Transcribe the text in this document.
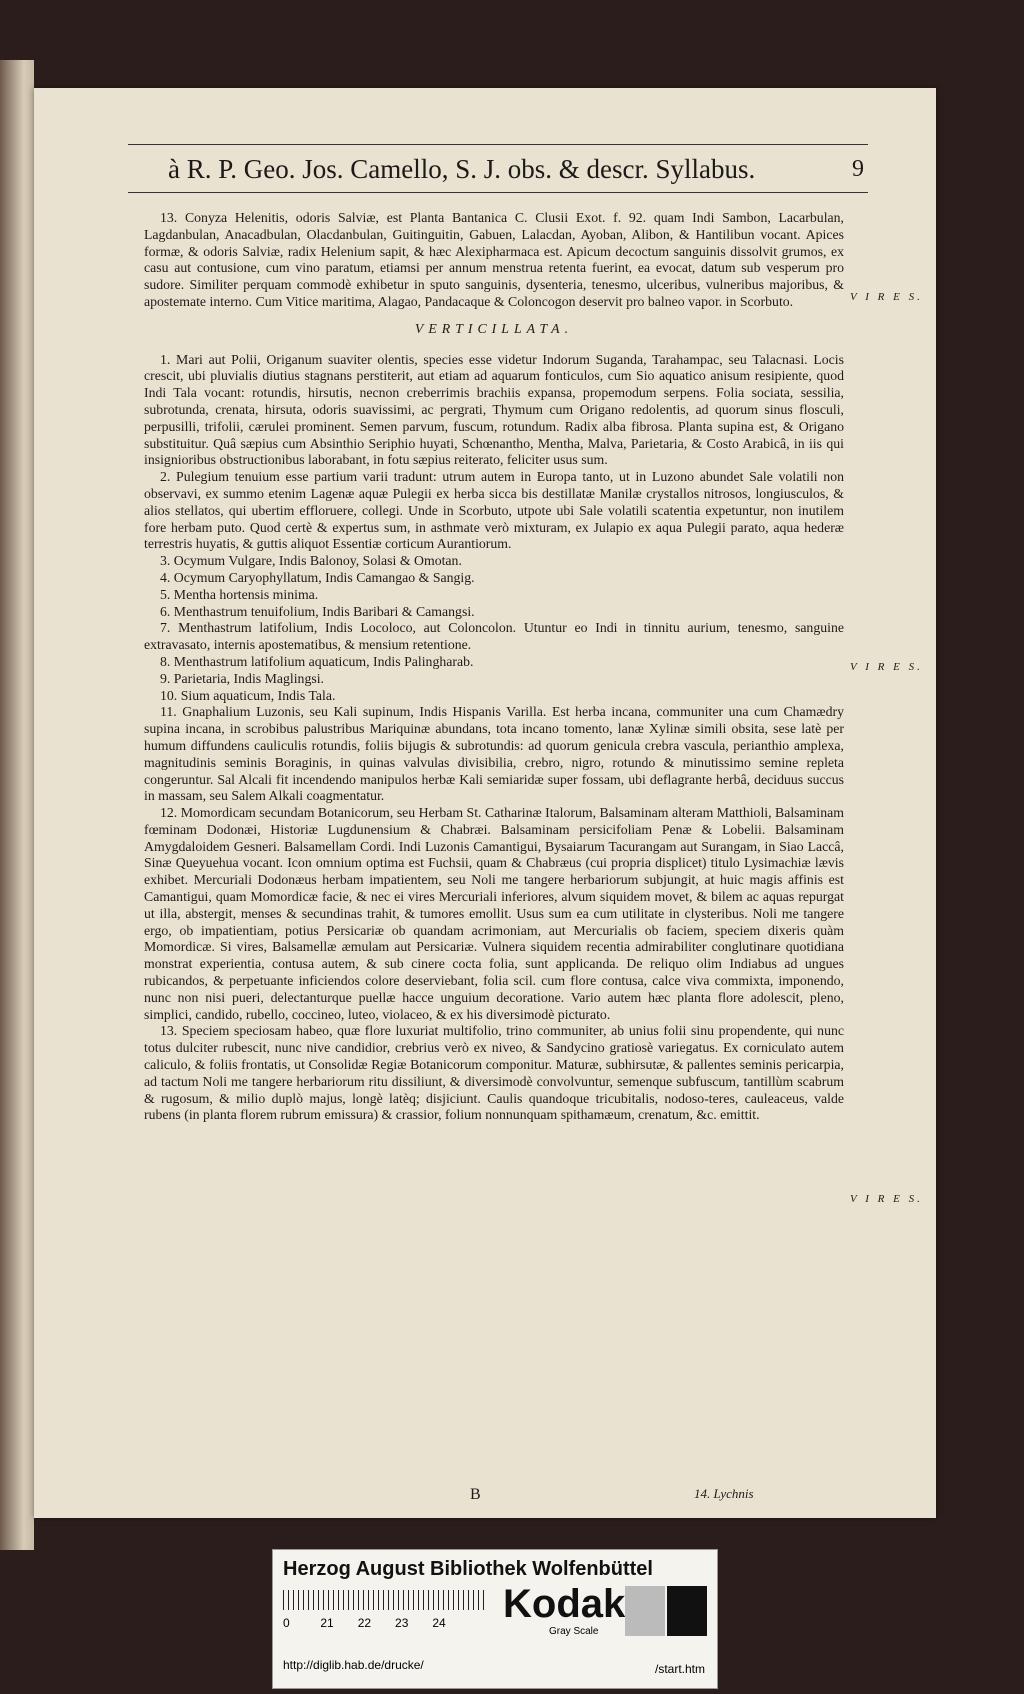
à R. P. Geo. Jos. Camello, S. J. obs. & descr. Syllabus.	9

13. Conyza Helenitis, odoris Salviæ, est Planta Bantanica C. Clusii Exot. f. 92. quam Indi Sambon, Lacarbulan, Lagdanbulan, Anacadbulan, Olacdanbulan, Guitinguitin, Gabuen, Lalacdan, Ayoban, Alibon, & Hantilibun vocant. Apices formæ, & odoris Salviæ, radix Helenium sapit, & hæc Alexipharmaca est. Apicum decoctum sanguinis dissolvit grumos, ex casu aut contusione, cum vino paratum, etiamsi per annum menstrua retenta fuerint, ea evocat, datum sub vesperum pro sudore. Similiter perquam commodè exhibetur in sputo sanguinis, dysenteria, tenesmo, ulceribus, vulneribus majoribus, & apostemate interno. Cum Vitice maritima, Alagao, Pandacaque & Coloncogon deservit pro balneo vapor. in Scorbuto.

VERTICILLATA.

1. Mari aut Polii, Origanum suaviter olentis, species esse videtur Indorum Suganda, Tarahampac, seu Talacnasi. Locis crescit, ubi pluvialis diutius stagnans perstiterit, aut etiam ad aquarum fonticulos, cum Sio aquatico anisum resipiente, quod Indi Tala vocant: rotundis, hirsutis, necnon creberrimis brachiis expansa, propemodum serpens. Folia sociata, sessilia, subrotunda, crenata, hirsuta, odoris suavissimi, ac pergrati, Thymum cum Origano redolentis, ad quorum sinus flosculi, perpusilli, trifolii, cærulei prominent. Semen parvum, fuscum, rotundum. Radix alba fibrosa. Planta supina est, & Origano substituitur. Quâ sæpius cum Absinthio Seriphio huyati, Schœnantho, Mentha, Malva, Parietaria, & Costo Arabicâ, in iis qui insignioribus obstructionibus laborabant, in fotu sæpius reiterato, feliciter usus sum.

2. Pulegium tenuium esse partium varii tradunt: utrum autem in Europa tanto, ut in Luzono abundet Sale volatili non observavi, ex summo etenim Lagenæ aquæ Pulegii ex herba sicca bis destillatæ Manilæ crystallos nitrosos, longiusculos, & alios stellatos, qui ubertim effloruere, collegi. Unde in Scorbuto, utpote ubi Sale volatili scatentia expetuntur, non inutilem fore herbam puto. Quod certè & expertus sum, in asthmate verò mixturam, ex Julapio ex aqua Pulegii parato, aqua hederæ terrestris huyatis, & guttis aliquot Essentiæ corticum Aurantiorum.

3. Ocymum Vulgare, Indis Balonoy, Solasi & Omotan.

4. Ocymum Caryophyllatum, Indis Camangao & Sangig.

5. Mentha hortensis minima.

6. Menthastrum tenuifolium, Indis Baribari & Camangsi.

7. Menthastrum latifolium, Indis Locoloco, aut Coloncolon. Utuntur eo Indi in tinnitu aurium, tenesmo, sanguine extravasato, internis apostematibus, & mensium retentione.

8. Menthastrum latifolium aquaticum, Indis Palingharab.

9. Parietaria, Indis Maglingsi.

10. Sium aquaticum, Indis Tala.

11. Gnaphalium Luzonis, seu Kali supinum, Indis Hispanis Varilla. Est herba incana, communiter una cum Chamædry supina incana, in scrobibus palustribus Mariquinæ abundans, tota incano tomento, lanæ Xylinæ simili obsita, sese latè per humum diffundens cauliculis rotundis, foliis bijugis & subrotundis: ad quorum genicula crebra vascula, perianthio amplexa, magnitudinis seminis Boraginis, in quinas valvulas divisibilia, crebro, nigro, rotundo & minutissimo semine repleta congeruntur. Sal Alcali fit incendendo manipulos herbæ Kali semiaridæ super fossam, ubi deflagrante herbâ, deciduus succus in massam, seu Salem Alkali coagmentatur.

12. Momordicam secundam Botanicorum, seu Herbam St. Catharinæ Italorum, Balsaminam alteram Matthioli, Balsaminam fœminam Dodonæi, Historiæ Lugdunensium & Chabræi. Balsaminam persicifoliam Penæ & Lobelii. Balsaminam Amygdaloidem Gesneri. Balsamellam Cordi. Indi Luzonis Camantigui, Bysaiarum Tacurangam aut Surangam, in Siao Laccâ, Sinæ Queyuehua vocant. Icon omnium optima est Fuchsii, quam & Chabræus (cui propria displicet) titulo Lysimachiæ lævis exhibet. Mercuriali Dodonæus herbam impatientem, seu Noli me tangere herbariorum subjungit, at huic magis affinis est Camantigui, quam Momordicæ facie, & nec ei vires Mercuriali inferiores, alvum siquidem movet, & bilem ac aquas repurgat ut illa, abstergit, menses & secundinas trahit, & tumores emollit. Usus sum ea cum utilitate in clysteribus. Noli me tangere ergo, ob impatientiam, potius Persicariæ ob quandam acrimoniam, aut Mercurialis ob faciem, speciem dixeris quàm Momordicæ. Si vires, Balsamellæ æmulam aut Persicariæ. Vulnera siquidem recentia admirabiliter conglutinare quotidiana monstrat experientia, contusa autem, & sub cinere cocta folia, sunt applicanda. De reliquo olim Indiabus ad ungues rubicandos, & perpetuante inficiendos colore deserviebant, folia scil. cum flore contusa, calce viva commixta, imponendo, nunc non nisi pueri, delectanturque puellæ hacce unguium decoratione. Vario autem hæc planta flore adolescit, pleno, simplici, candido, rubello, coccineo, luteo, violaceo, & ex his diversimodè picturato.

13. Speciem speciosam habeo, quæ flore luxuriat multifolio, trino communiter, ab unius folii sinu propendente, qui nunc totus dulciter rubescit, nunc nive candidior, crebrius verò ex niveo, & Sandycino gratiosè variegatus. Ex corniculato autem caliculo, & foliis frontatis, ut Consolidæ Regiæ Botanicorum componitur. Maturæ, subhirsutæ, & pallentes seminis pericarpia, ad tactum Noli me tangere herbariorum ritu dissiliunt, & diversimodè convolvuntur, semenque subfuscum, tantillùm scabrum & rugosum, & milio duplò majus, longè latèq; disjiciunt. Caulis quandoque tricubitalis, nodoso-teres, cauleaceus, valde rubens (in planta florem rubrum emissura) & crassior, folium nonnunquam spithamæum, crenatum, &c. emittit.

V I R E S.
V I R E S.
V I R E S.
B	14. Lychnis
Herzog August Bibliothek Wolfenbüttel
0	21 22 23 24	Kodak
Gray Scale
http://diglib.hab.de/drucke/	/start.htm
